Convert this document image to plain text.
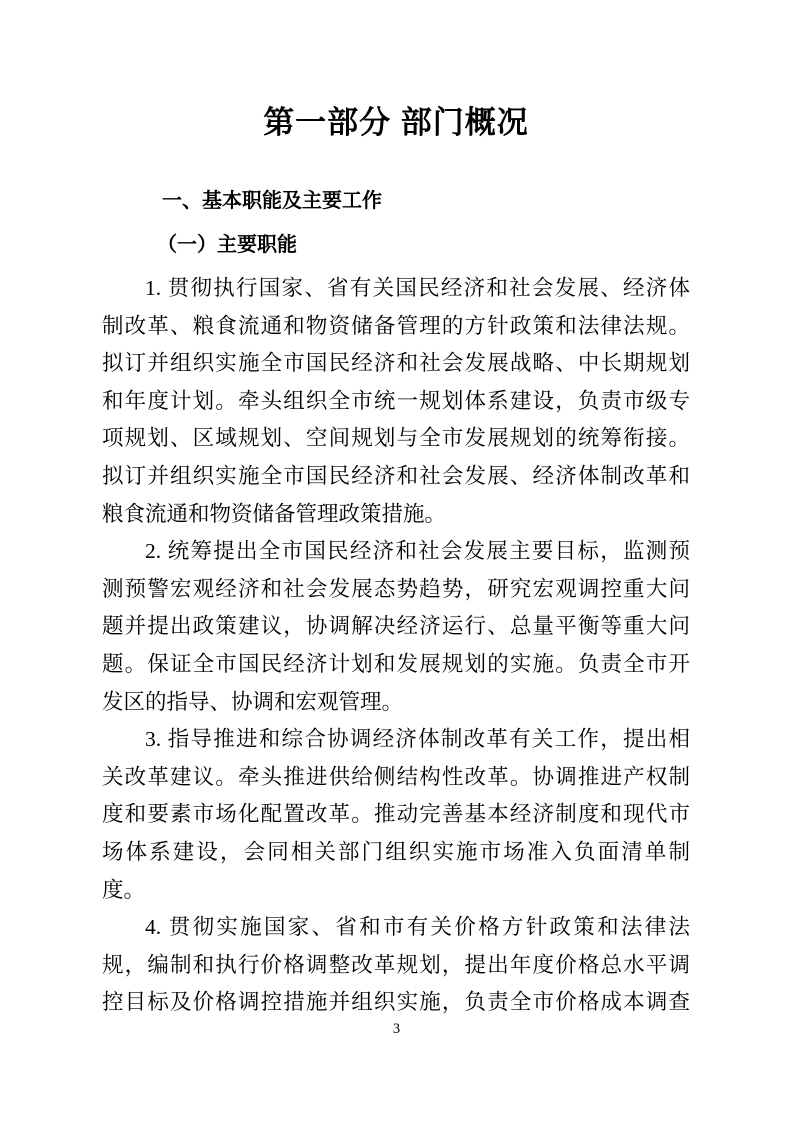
第一部分 部门概况
一、基本职能及主要工作
（一）主要职能
1. 贯彻执行国家、省有关国民经济和社会发展、经济体
制改革、粮食流通和物资储备管理的方针政策和法律法规。
拟订并组织实施全市国民经济和社会发展战略、中长期规划
和年度计划。牵头组织全市统一规划体系建设，负责市级专
项规划、区域规划、空间规划与全市发展规划的统筹衔接。
拟订并组织实施全市国民经济和社会发展、经济体制改革和
粮食流通和物资储备管理政策措施。
2. 统筹提出全市国民经济和社会发展主要目标，监测预
测预警宏观经济和社会发展态势趋势，研究宏观调控重大问
题并提出政策建议，协调解决经济运行、总量平衡等重大问
题。保证全市国民经济计划和发展规划的实施。负责全市开
发区的指导、协调和宏观管理。
3. 指导推进和综合协调经济体制改革有关工作，提出相
关改革建议。牵头推进供给侧结构性改革。协调推进产权制
度和要素市场化配置改革。推动完善基本经济制度和现代市
场体系建设，会同相关部门组织实施市场准入负面清单制
度。
4. 贯彻实施国家、省和市有关价格方针政策和法律法
规，编制和执行价格调整改革规划，提出年度价格总水平调
控目标及价格调控措施并组织实施，负责全市价格成本调查
3
